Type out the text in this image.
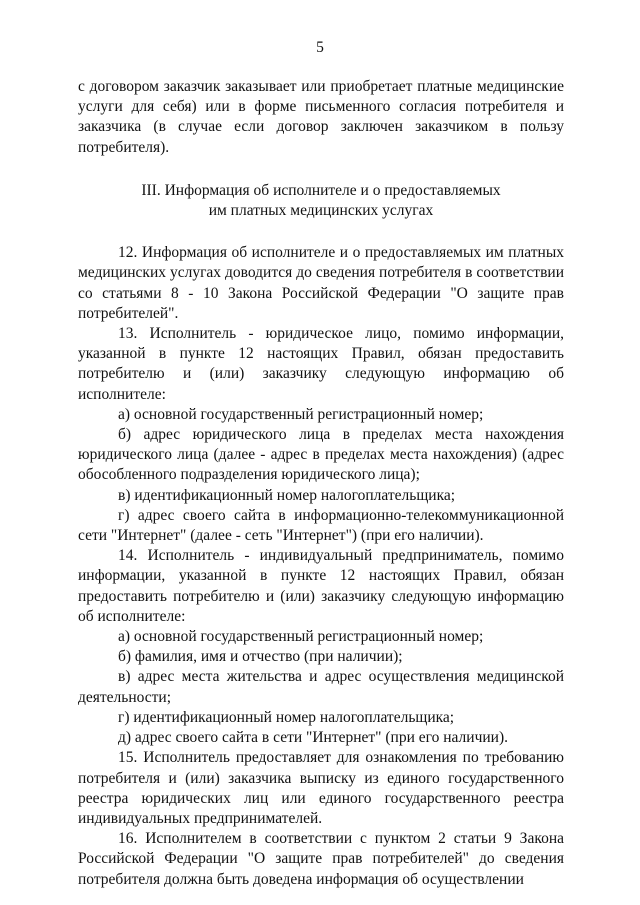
5

с договором заказчик заказывает или приобретает платные медицинские услуги для себя) или в форме письменного согласия потребителя и заказчика (в случае если договор заключен заказчиком в пользу потребителя).

III. Информация об исполнителе и о предоставляемых
им платных медицинских услугах

12. Информация об исполнителе и о предоставляемых им платных медицинских услугах доводится до сведения потребителя в соответствии со статьями 8 - 10 Закона Российской Федерации "О защите прав потребителей".

13. Исполнитель - юридическое лицо, помимо информации, указанной в пункте 12 настоящих Правил, обязан предоставить потребителю и (или) заказчику следующую информацию об исполнителе:

а) основной государственный регистрационный номер;

б) адрес юридического лица в пределах места нахождения юридического лица (далее - адрес в пределах места нахождения) (адрес обособленного подразделения юридического лица);

в) идентификационный номер налогоплательщика;

г) адрес своего сайта в информационно-телекоммуникационной сети "Интернет" (далее - сеть "Интернет") (при его наличии).

14. Исполнитель - индивидуальный предприниматель, помимо информации, указанной в пункте 12 настоящих Правил, обязан предоставить потребителю и (или) заказчику следующую информацию об исполнителе:

а) основной государственный регистрационный номер;

б) фамилия, имя и отчество (при наличии);

в) адрес места жительства и адрес осуществления медицинской деятельности;

г) идентификационный номер налогоплательщика;

д) адрес своего сайта в сети "Интернет" (при его наличии).

15. Исполнитель предоставляет для ознакомления по требованию потребителя и (или) заказчика выписку из единого государственного реестра юридических лиц или единого государственного реестра индивидуальных предпринимателей.

16. Исполнителем в соответствии с пунктом 2 статьи 9 Закона Российской Федерации "О защите прав потребителей" до сведения потребителя должна быть доведена информация об осуществлении
